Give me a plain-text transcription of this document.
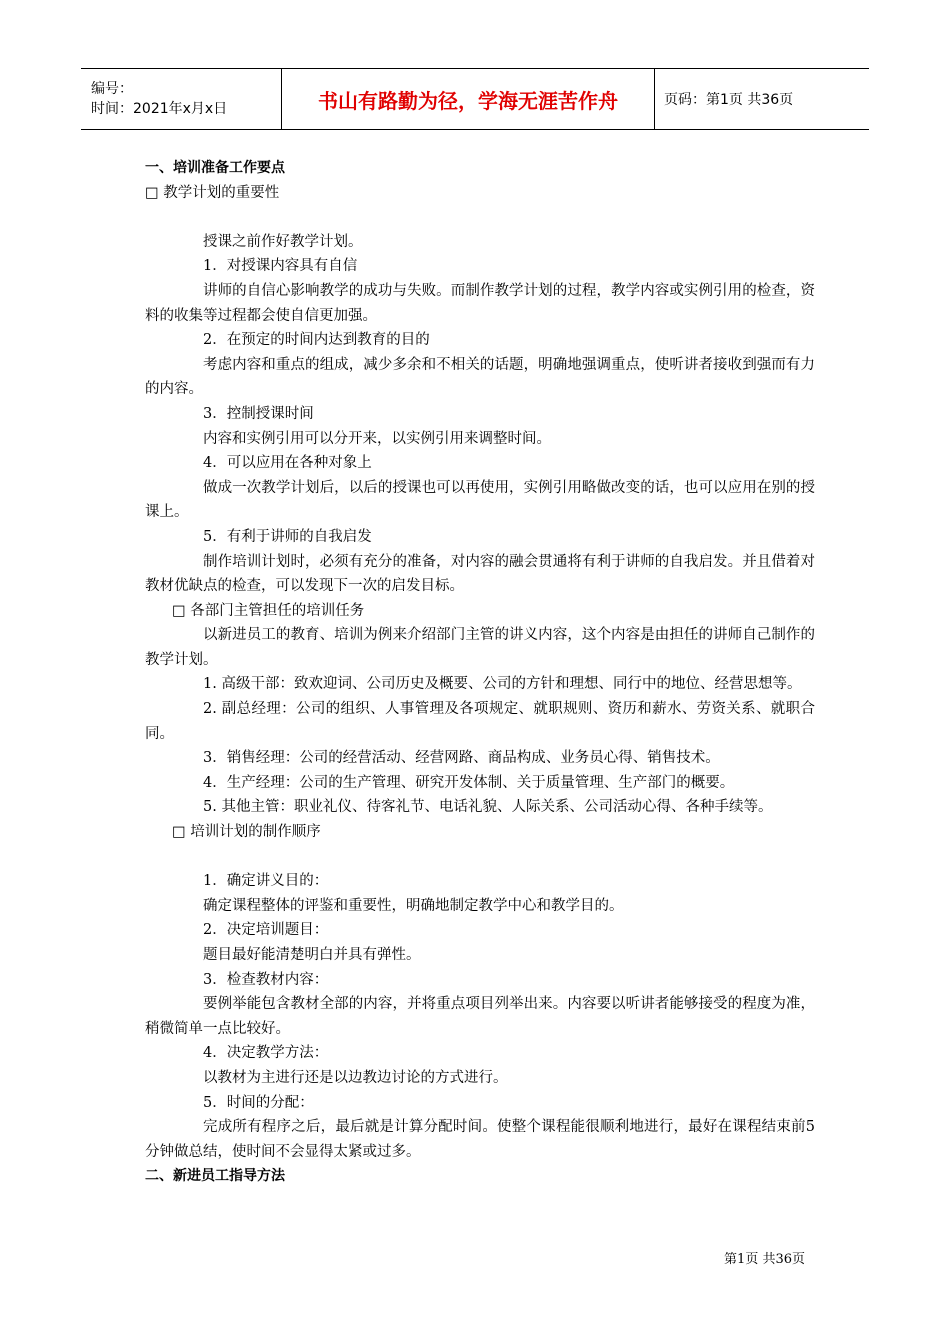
编号：
时间：2021年x月x日	书山有路勤为径，学海无涯苦作舟	页码：第1页 共36页

一、培训准备工作要点

□ 教学计划的重要性

授课之前作好教学计划。

1．对授课内容具有自信

讲师的自信心影响教学的成功与失败。而制作教学计划的过程，教学内容或实例引用的检查，资料的收集等过程都会使自信更加强。

2．在预定的时间内达到教育的目的

考虑内容和重点的组成，减少多余和不相关的话题，明确地强调重点，使听讲者接收到强而有力的内容。

3．控制授课时间

内容和实例引用可以分开来，以实例引用来调整时间。

4．可以应用在各种对象上

做成一次教学计划后，以后的授课也可以再使用，实例引用略做改变的话，也可以应用在别的授课上。

5．有利于讲师的自我启发

制作培训计划时，必须有充分的准备，对内容的融会贯通将有利于讲师的自我启发。并且借着对教材优缺点的检查，可以发现下一次的启发目标。

□ 各部门主管担任的培训任务

以新进员工的教育、培训为例来介绍部门主管的讲义内容，这个内容是由担任的讲师自己制作的教学计划。

1. 高级干部：致欢迎词、公司历史及概要、公司的方针和理想、同行中的地位、经营思想等。

2. 副总经理：公司的组织、人事管理及各项规定、就职规则、资历和薪水、劳资关系、就职合同。

3．销售经理：公司的经营活动、经营网路、商品构成、业务员心得、销售技术。

4．生产经理：公司的生产管理、研究开发体制、关于质量管理、生产部门的概要。

5. 其他主管：职业礼仪、待客礼节、电话礼貌、人际关系、公司活动心得、各种手续等。

□ 培训计划的制作顺序

1．确定讲义目的：

确定课程整体的评鉴和重要性，明确地制定教学中心和教学目的。

2．决定培训题目：

题目最好能清楚明白并具有弹性。

3．检查教材内容：

要例举能包含教材全部的内容，并将重点项目列举出来。内容要以听讲者能够接受的程度为准，稍微简单一点比较好。

4．决定教学方法：

以教材为主进行还是以边教边讨论的方式进行。

5．时间的分配：

完成所有程序之后，最后就是计算分配时间。使整个课程能很顺利地进行，最好在课程结束前5分钟做总结，使时间不会显得太紧或过多。

二、新进员工指导方法

第1页 共36页
